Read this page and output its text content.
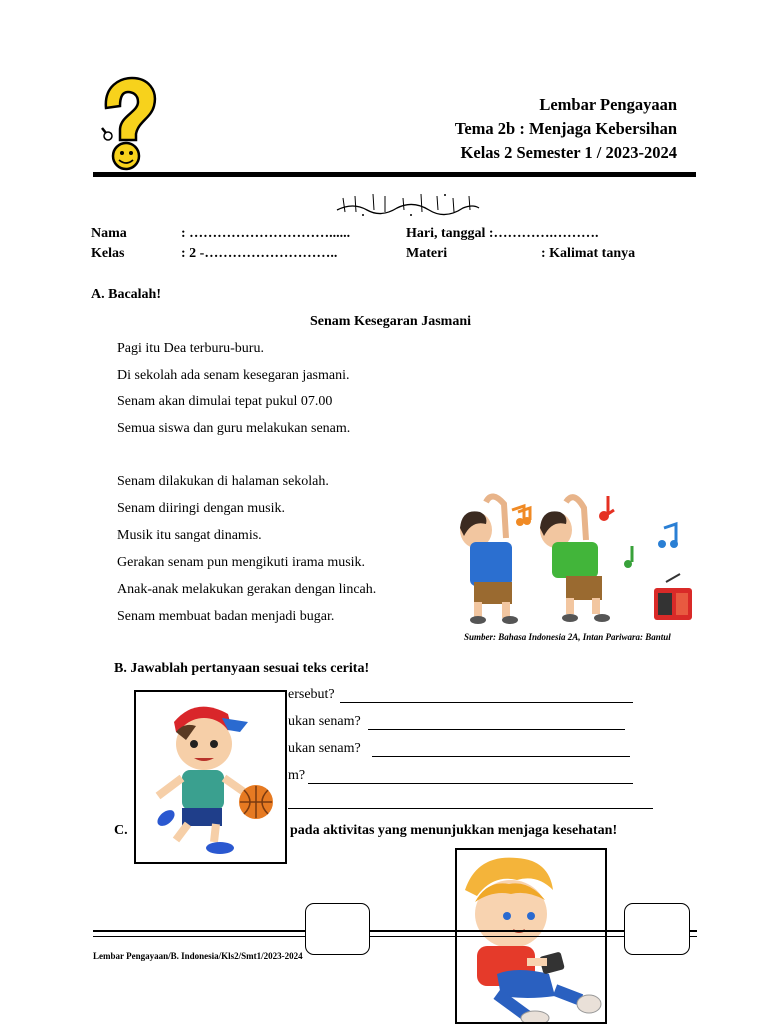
Lembar Pengayaan
Tema 2b : Menjaga Kebersihan
Kelas 2 Semester 1 / 2023-2024
Nama	: …………………………......	Hari, tanggal :………….……….
Kelas	: 2 -………………………..	Materi	: Kalimat tanya
A. Bacalah!
Senam Kesegaran Jasmani
Pagi itu Dea terburu-buru.
Di sekolah ada senam kesegaran jasmani.
Senam akan dimulai tepat pukul 07.00
Semua siswa dan guru melakukan senam.
Senam dilakukan di halaman sekolah.
Senam diiringi dengan musik.
Musik itu sangat dinamis.
Gerakan senam pun mengikuti irama musik.
Anak-anak melakukan gerakan dengan lincah.
Senam membuat badan menjadi bugar.
Sumber: Bahasa Indonesia 2A, Intan Pariwara: Bantul
B. Jawablah pertanyaan sesuai teks cerita!
ersebut?
ukan senam?
ukan senam?
m?
C.	pada aktivitas yang menunjukkan menjaga kesehatan!
Lembar Pengayaan/B. Indonesia/Kls2/Smt1/2023-2024
